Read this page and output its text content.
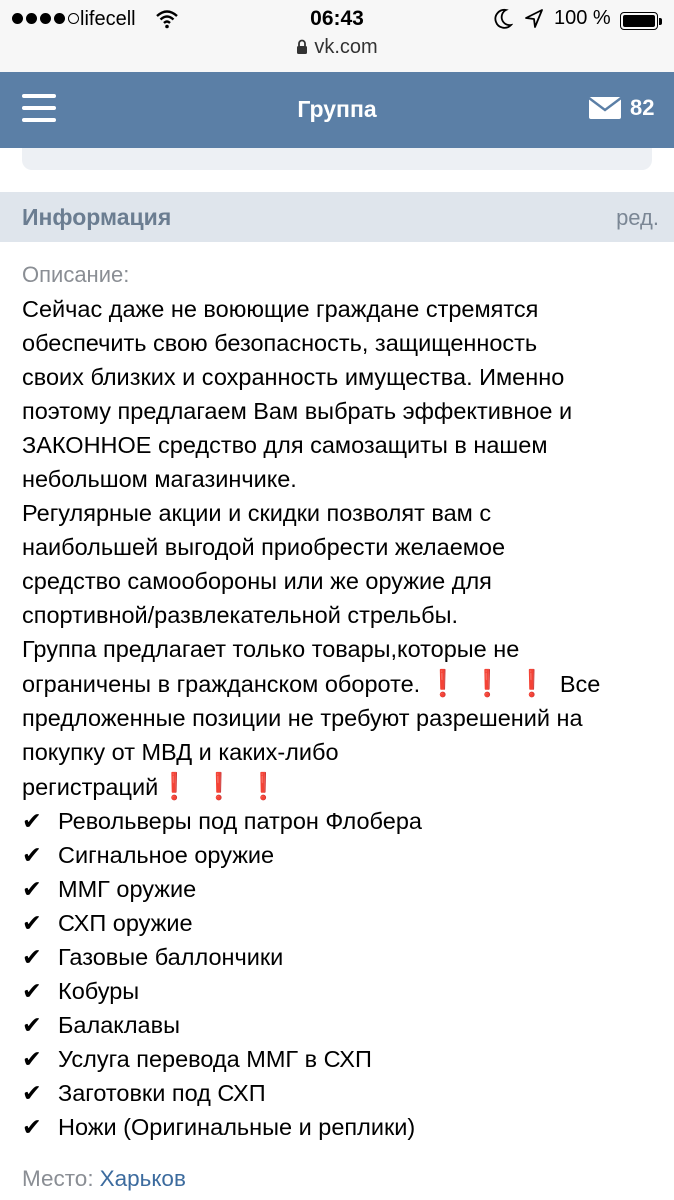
lifecell	06:43	100 %
vk.com
Группа	82
Информация	ред.
Описание:
Сейчас даже не воюющие граждане стремятся
обеспечить свою безопасность, защищенность
своих близких и сохранность имущества. Именно
поэтому предлагаем Вам выбрать эффективное и
ЗАКОННОЕ средство для самозащиты в нашем
небольшом магазинчике.
Регулярные акции и скидки позволят вам с
наибольшей выгодой приобрести желаемое
средство самообороны или же оружие для
спортивной/развлекательной стрельбы.
Группа предлагает только товары,которые не
ограничены в гражданском обороте. ❗❗❗Все
предложенные позиции не требуют разрешений на
покупку от МВД и каких-либо
регистраций❗❗❗
✔ Револьверы под патрон Флобера
✔ Сигнальное оружие
✔ ММГ оружие
✔ СХП оружие
✔ Газовые баллончики
✔ Кобуры
✔ Балаклавы
✔ Услуга перевода ММГ в СХП
✔ Заготовки под СХП
✔ Ножи (Оригинальные и реплики)
Место: Харьков
